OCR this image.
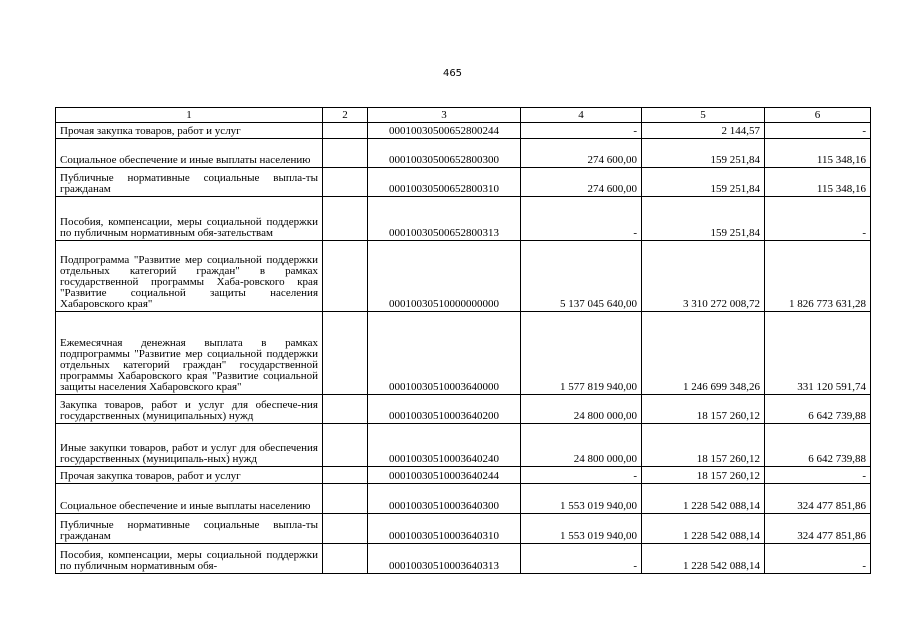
465
1	2	3	4	5	6
Прочая закупка товаров, работ и услуг		00010030500652800244	-	2 144,57	-
Социальное обеспечение и иные выплаты населению		00010030500652800300	274 600,00	159 251,84	115 348,16
Публичные нормативные социальные выпла-ты гражданам		00010030500652800310	274 600,00	159 251,84	115 348,16
Пособия, компенсации, меры социальной поддержки по публичным нормативным обя-зательствам		00010030500652800313	-	159 251,84	-
Подпрограмма "Развитие мер социальной поддержки отдельных категорий граждан" в рамках государственной программы Хаба-ровского края "Развитие социальной защиты населения Хабаровского края"		00010030510000000000	5 137 045 640,00	3 310 272 008,72	1 826 773 631,28
Ежемесячная денежная выплата в рамках подпрограммы "Развитие мер социальной поддержки отдельных категорий граждан" государственной программы Хабаровского края "Развитие социальной защиты населения Хабаровского края"		00010030510003640000	1 577 819 940,00	1 246 699 348,26	331 120 591,74
Закупка товаров, работ и услуг для обеспече-ния государственных (муниципальных) нужд		00010030510003640200	24 800 000,00	18 157 260,12	6 642 739,88
Иные закупки товаров, работ и услуг для обеспечения государственных (муниципаль-ных) нужд		00010030510003640240	24 800 000,00	18 157 260,12	6 642 739,88
Прочая закупка товаров, работ и услуг		00010030510003640244	-	18 157 260,12	-
Социальное обеспечение и иные выплаты населению		00010030510003640300	1 553 019 940,00	1 228 542 088,14	324 477 851,86
Публичные нормативные социальные выпла-ты гражданам		00010030510003640310	1 553 019 940,00	1 228 542 088,14	324 477 851,86
Пособия, компенсации, меры социальной поддержки по публичным нормативным обя-		00010030510003640313	-	1 228 542 088,14	-
